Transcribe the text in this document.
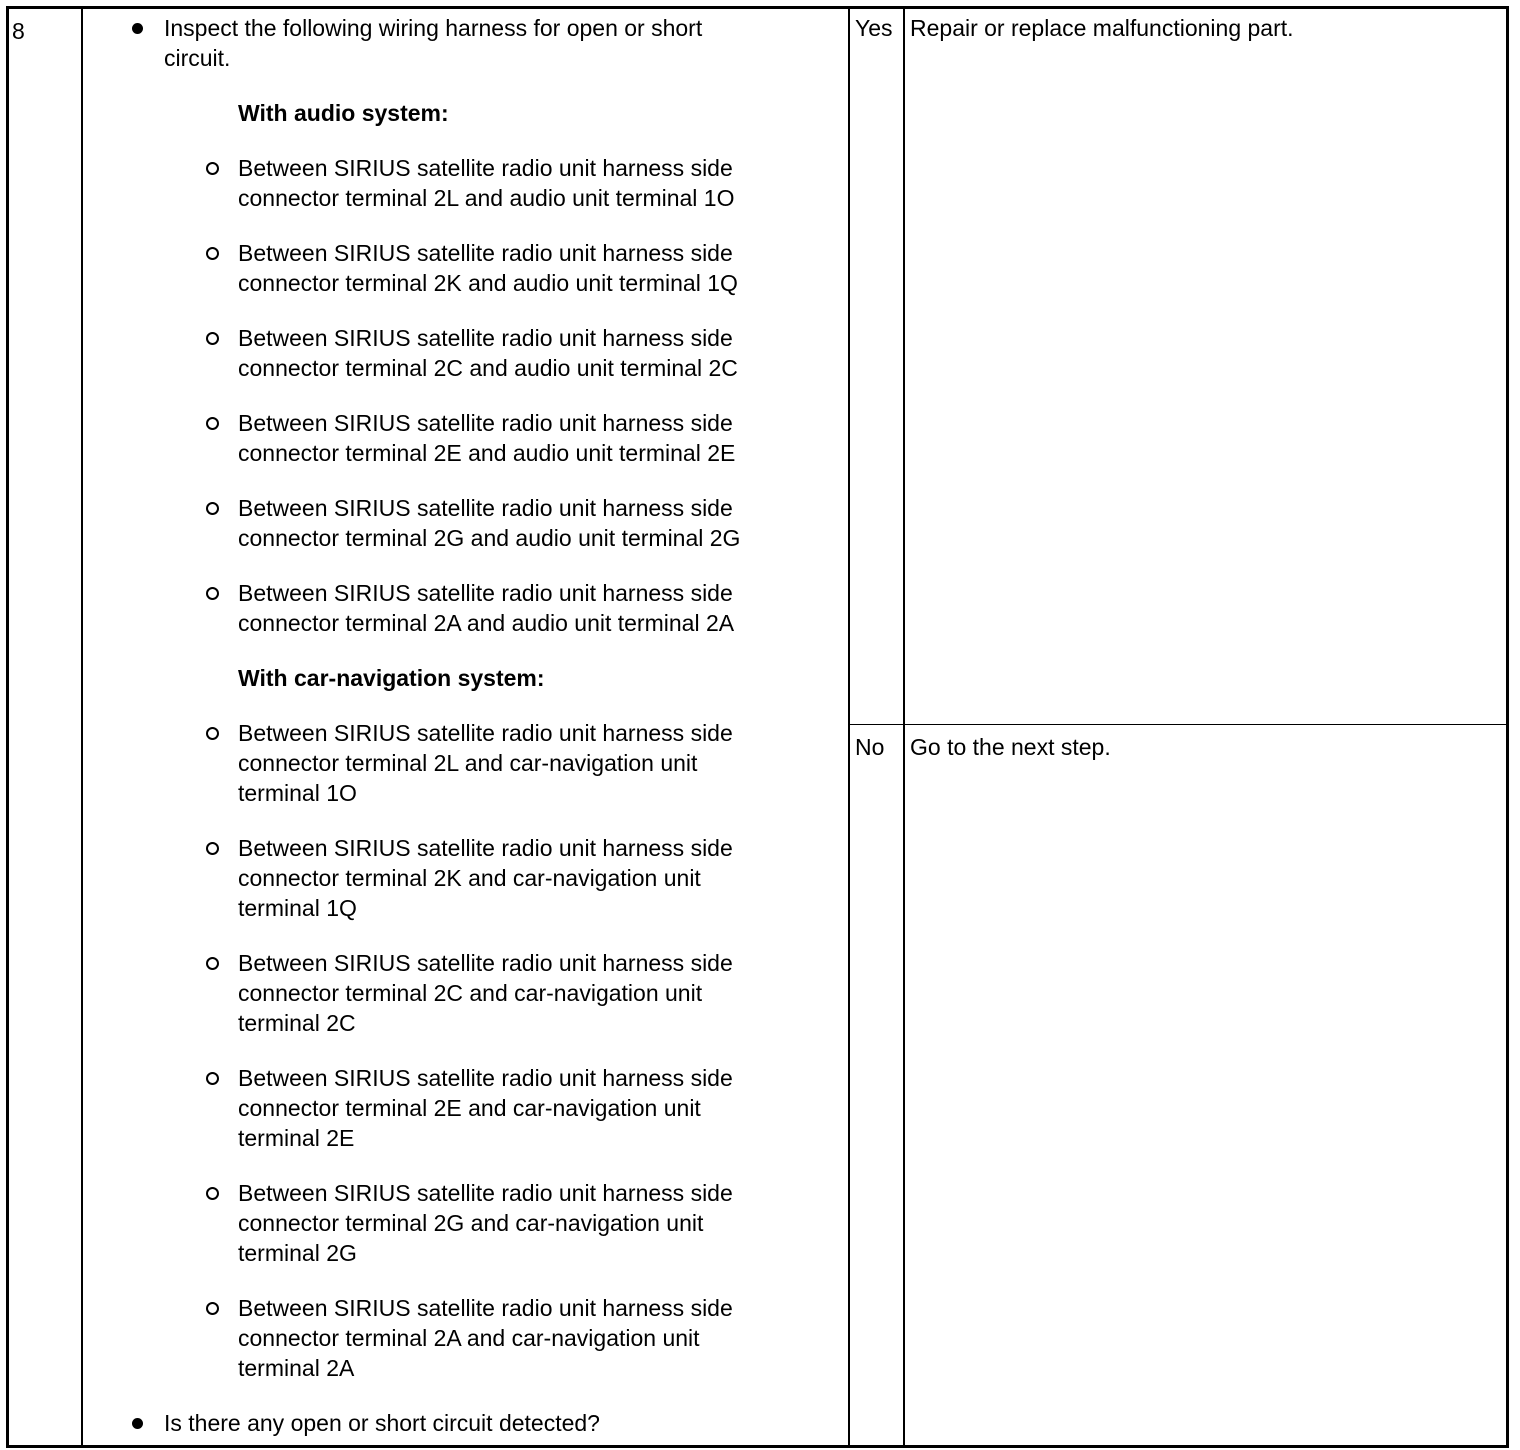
8	Inspect the following wiring harness for open or short
circuit.
With audio system:
Between SIRIUS satellite radio unit harness side
connector terminal 2L and audio unit terminal 1O
Between SIRIUS satellite radio unit harness side
connector terminal 2K and audio unit terminal 1Q
Between SIRIUS satellite radio unit harness side
connector terminal 2C and audio unit terminal 2C
Between SIRIUS satellite radio unit harness side
connector terminal 2E and audio unit terminal 2E
Between SIRIUS satellite radio unit harness side
connector terminal 2G and audio unit terminal 2G
Between SIRIUS satellite radio unit harness side
connector terminal 2A and audio unit terminal 2A
With car-navigation system:
Between SIRIUS satellite radio unit harness side
connector terminal 2L and car-navigation unit
terminal 1O
Between SIRIUS satellite radio unit harness side
connector terminal 2K and car-navigation unit
terminal 1Q
Between SIRIUS satellite radio unit harness side
connector terminal 2C and car-navigation unit
terminal 2C
Between SIRIUS satellite radio unit harness side
connector terminal 2E and car-navigation unit
terminal 2E
Between SIRIUS satellite radio unit harness side
connector terminal 2G and car-navigation unit
terminal 2G
Between SIRIUS satellite radio unit harness side
connector terminal 2A and car-navigation unit
terminal 2A
Is there any open or short circuit detected?
Yes Repair or replace malfunctioning part.
No Go to the next step.
